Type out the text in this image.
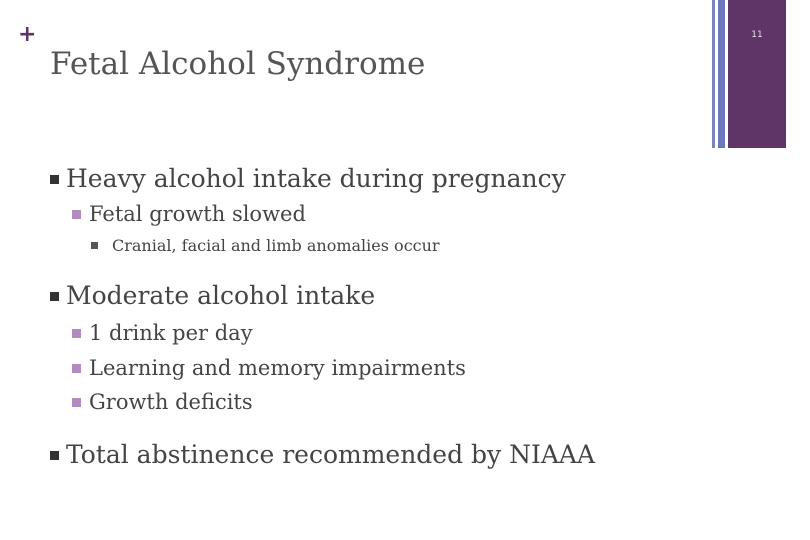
+
Fetal Alcohol Syndrome
11
Heavy alcohol intake during pregnancy
Fetal growth slowed
Cranial, facial and limb anomalies occur
Moderate alcohol intake
1 drink per day
Learning and memory impairments
Growth deficits
Total abstinence recommended by NIAAA
